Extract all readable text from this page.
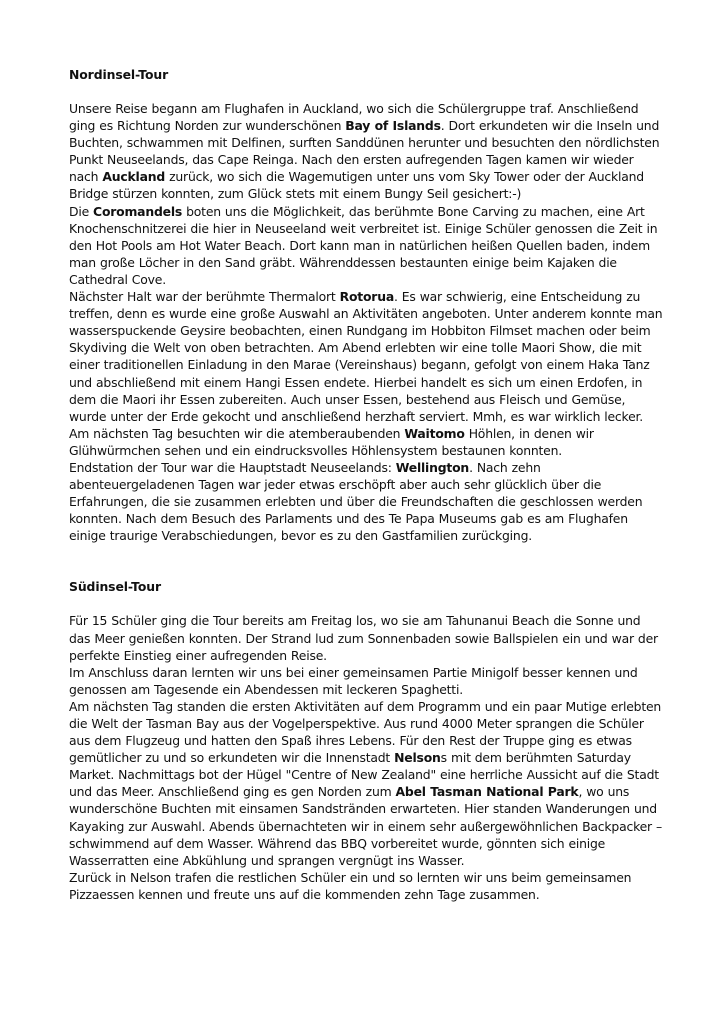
Nordinsel-Tour

Unsere Reise begann am Flughafen in Auckland, wo sich die Schülergruppe traf. Anschließend ging es Richtung Norden zur wunderschönen Bay of Islands. Dort erkundeten wir die Inseln und Buchten, schwammen mit Delfinen, surften Sanddünen herunter und besuchten den nördlichsten Punkt Neuseelands, das Cape Reinga. Nach den ersten aufregenden Tagen kamen wir wieder nach Auckland zurück, wo sich die Wagemutigen unter uns vom Sky Tower oder der Auckland Bridge stürzen konnten, zum Glück stets mit einem Bungy Seil gesichert:-)

Die Coromandels boten uns die Möglichkeit, das berühmte Bone Carving zu machen, eine Art Knochenschnitzerei die hier in Neuseeland weit verbreitet ist. Einige Schüler genossen die Zeit in den Hot Pools am Hot Water Beach. Dort kann man in natürlichen heißen Quellen baden, indem man große Löcher in den Sand gräbt. Währenddessen bestaunten einige beim Kajaken die Cathedral Cove.

Nächster Halt war der berühmte Thermalort Rotorua. Es war schwierig, eine Entscheidung zu treffen, denn es wurde eine große Auswahl an Aktivitäten angeboten. Unter anderem konnte man wasserspuckende Geysire beobachten, einen Rundgang im Hobbiton Filmset machen oder beim Skydiving die Welt von oben betrachten. Am Abend erlebten wir eine tolle Maori Show, die mit einer traditionellen Einladung in den Marae (Vereinshaus) begann, gefolgt von einem Haka Tanz und abschließend mit einem Hangi Essen endete. Hierbei handelt es sich um einen Erdofen, in dem die Maori ihr Essen zubereiten. Auch unser Essen, bestehend aus Fleisch und Gemüse, wurde unter der Erde gekocht und anschließend herzhaft serviert. Mmh, es war wirklich lecker.

Am nächsten Tag besuchten wir die atemberaubenden Waitomo Höhlen, in denen wir Glühwürmchen sehen und ein eindrucksvolles Höhlensystem bestaunen konnten.

Endstation der Tour war die Hauptstadt Neuseelands: Wellington. Nach zehn abenteuergeladenen Tagen war jeder etwas erschöpft aber auch sehr glücklich über die Erfahrungen, die sie zusammen erlebten und über die Freundschaften die geschlossen werden konnten. Nach dem Besuch des Parlaments und des Te Papa Museums gab es am Flughafen einige traurige Verabschiedungen, bevor es zu den Gastfamilien zurückging.

Südinsel-Tour

Für 15 Schüler ging die Tour bereits am Freitag los, wo sie am Tahunanui Beach die Sonne und das Meer genießen konnten. Der Strand lud zum Sonnenbaden sowie Ballspielen ein und war der perfekte Einstieg einer aufregenden Reise.

Im Anschluss daran lernten wir uns bei einer gemeinsamen Partie Minigolf besser kennen und genossen am Tagesende ein Abendessen mit leckeren Spaghetti.

Am nächsten Tag standen die ersten Aktivitäten auf dem Programm und ein paar Mutige erlebten die Welt der Tasman Bay aus der Vogelperspektive. Aus rund 4000 Meter sprangen die Schüler aus dem Flugzeug und hatten den Spaß ihres Lebens. Für den Rest der Truppe ging es etwas gemütlicher zu und so erkundeten wir die Innenstadt Nelsons mit dem berühmten Saturday Market. Nachmittags bot der Hügel "Centre of New Zealand" eine herrliche Aussicht auf die Stadt und das Meer. Anschließend ging es gen Norden zum Abel Tasman National Park, wo uns wunderschöne Buchten mit einsamen Sandstränden erwarteten. Hier standen Wanderungen und Kayaking zur Auswahl. Abends übernachteten wir in einem sehr außergewöhnlichen Backpacker – schwimmend auf dem Wasser. Während das BBQ vorbereitet wurde, gönnten sich einige Wasserratten eine Abkühlung und sprangen vergnügt ins Wasser.

Zurück in Nelson trafen die restlichen Schüler ein und so lernten wir uns beim gemeinsamen Pizzaessen kennen und freute uns auf die kommenden zehn Tage zusammen.
